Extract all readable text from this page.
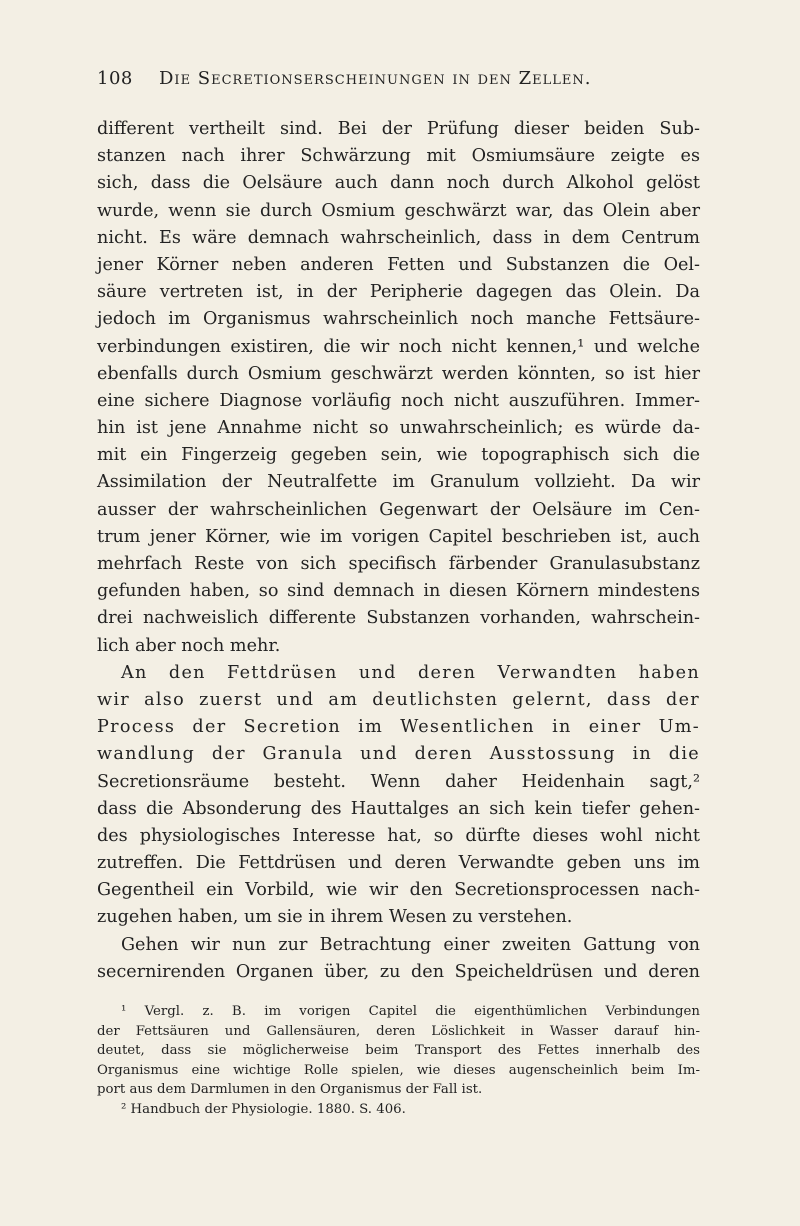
108 Die Secretionserscheinungen in den Zellen.
different vertheilt sind. Bei der Prüfung dieser beiden Sub-
stanzen nach ihrer Schwärzung mit Osmiumsäure zeigte es
sich, dass die Oelsäure auch dann noch durch Alkohol gelöst
wurde, wenn sie durch Osmium geschwärzt war, das Olein aber
nicht. Es wäre demnach wahrscheinlich, dass in dem Centrum
jener Körner neben anderen Fetten und Substanzen die Oel-
säure vertreten ist, in der Peripherie dagegen das Olein. Da
jedoch im Organismus wahrscheinlich noch manche Fettsäure-
verbindungen existiren, die wir noch nicht kennen,¹ und welche
ebenfalls durch Osmium geschwärzt werden könnten, so ist hier
eine sichere Diagnose vorläufig noch nicht auszuführen. Immer-
hin ist jene Annahme nicht so unwahrscheinlich; es würde da-
mit ein Fingerzeig gegeben sein, wie topographisch sich die
Assimilation der Neutralfette im Granulum vollzieht. Da wir
ausser der wahrscheinlichen Gegenwart der Oelsäure im Cen-
trum jener Körner, wie im vorigen Capitel beschrieben ist, auch
mehrfach Reste von sich specifisch färbender Granulasubstanz
gefunden haben, so sind demnach in diesen Körnern mindestens
drei nachweislich differente Substanzen vorhanden, wahrschein-
lich aber noch mehr.
An den Fettdrüsen und deren Verwandten haben
wir also zuerst und am deutlichsten gelernt, dass der
Process der Secretion im Wesentlichen in einer Um-
wandlung der Granula und deren Ausstossung in die
Secretionsräume besteht. Wenn daher Heidenhain sagt,²
dass die Absonderung des Hauttalges an sich kein tiefer gehen-
des physiologisches Interesse hat, so dürfte dieses wohl nicht
zutreffen. Die Fettdrüsen und deren Verwandte geben uns im
Gegentheil ein Vorbild, wie wir den Secretionsprocessen nach-
zugehen haben, um sie in ihrem Wesen zu verstehen.
Gehen wir nun zur Betrachtung einer zweiten Gattung von
secernirenden Organen über, zu den Speicheldrüsen und deren
¹ Vergl. z. B. im vorigen Capitel die eigenthümlichen Verbindungen
der Fettsäuren und Gallensäuren, deren Löslichkeit in Wasser darauf hin-
deutet, dass sie möglicherweise beim Transport des Fettes innerhalb des
Organismus eine wichtige Rolle spielen, wie dieses augenscheinlich beim Im-
port aus dem Darmlumen in den Organismus der Fall ist.
² Handbuch der Physiologie. 1880. S. 406.
